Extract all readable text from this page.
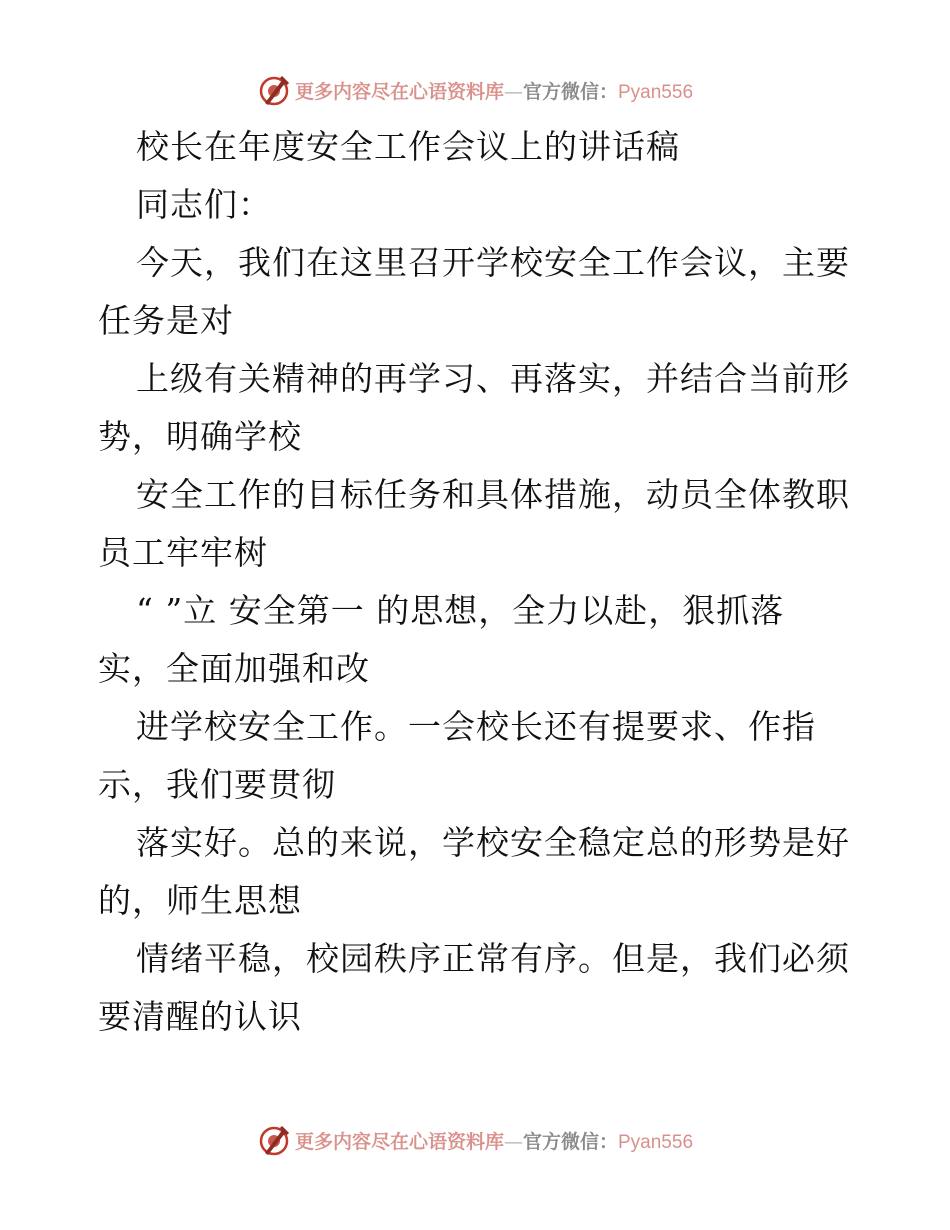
更多内容尽在心语资料库—官方微信：Pyan556
校长在年度安全工作会议上的讲话稿
同志们：
今天，我们在这里召开学校安全工作会议，主要
任务是对
上级有关精神的再学习、再落实，并结合当前形
势，明确学校
安全工作的目标任务和具体措施，动员全体教职
员工牢牢树
“ ”立 安全第一 的思想，全力以赴，狠抓落
实，全面加强和改
进学校安全工作。一会校长还有提要求、作指
示，我们要贯彻
落实好。总的来说，学校安全稳定总的形势是好
的，师生思想
情绪平稳，校园秩序正常有序。但是，我们必须
要清醒的认识
更多内容尽在心语资料库—官方微信：Pyan556
